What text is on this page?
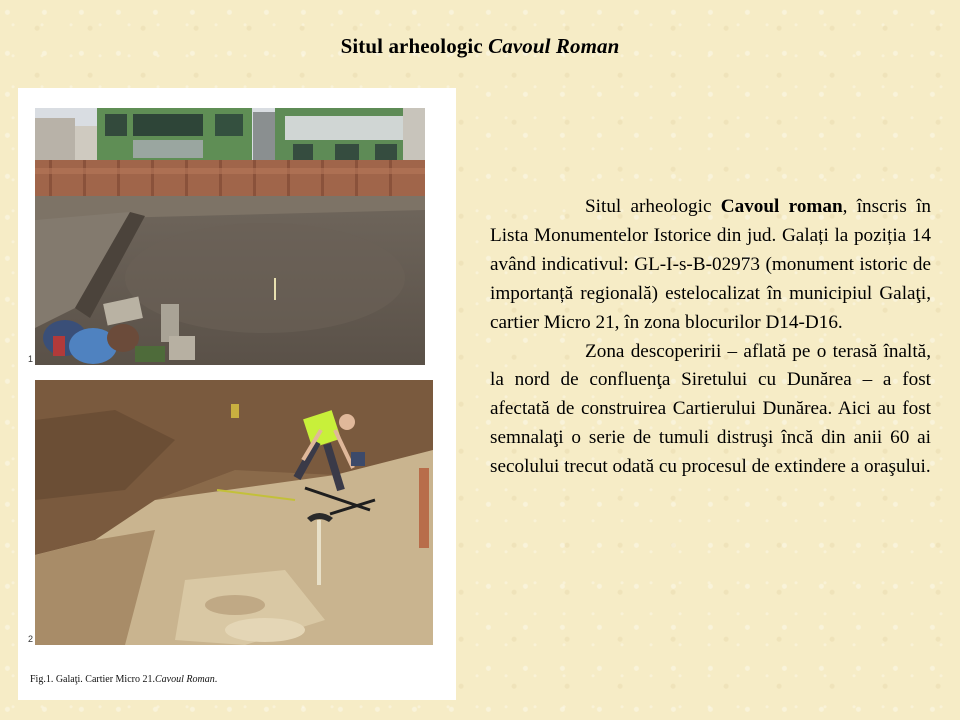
Situl arheologic Cavoul Roman
1
2
Fig.1. Galaţi. Cartier Micro 21.Cavoul Roman.

Situl arheologic Cavoul roman, înscris în Lista Monumentelor Istorice din jud. Galați la poziția 14 având indicativul: GL-I-s-B-02973 (monument istoric de importanță regională) estelocalizat în municipiul Galaţi, cartier Micro 21, în zona blocurilor D14-D16.

Zona descoperirii – aflată pe o terasă înaltă, la nord de confluenţa Siretului cu Dunărea – a fost afectată de construirea Cartierului Dunărea. Aici au fost semnalaţi o serie de tumuli distruşi încă din anii 60 ai secolului trecut odată cu procesul de extindere a oraşului.
